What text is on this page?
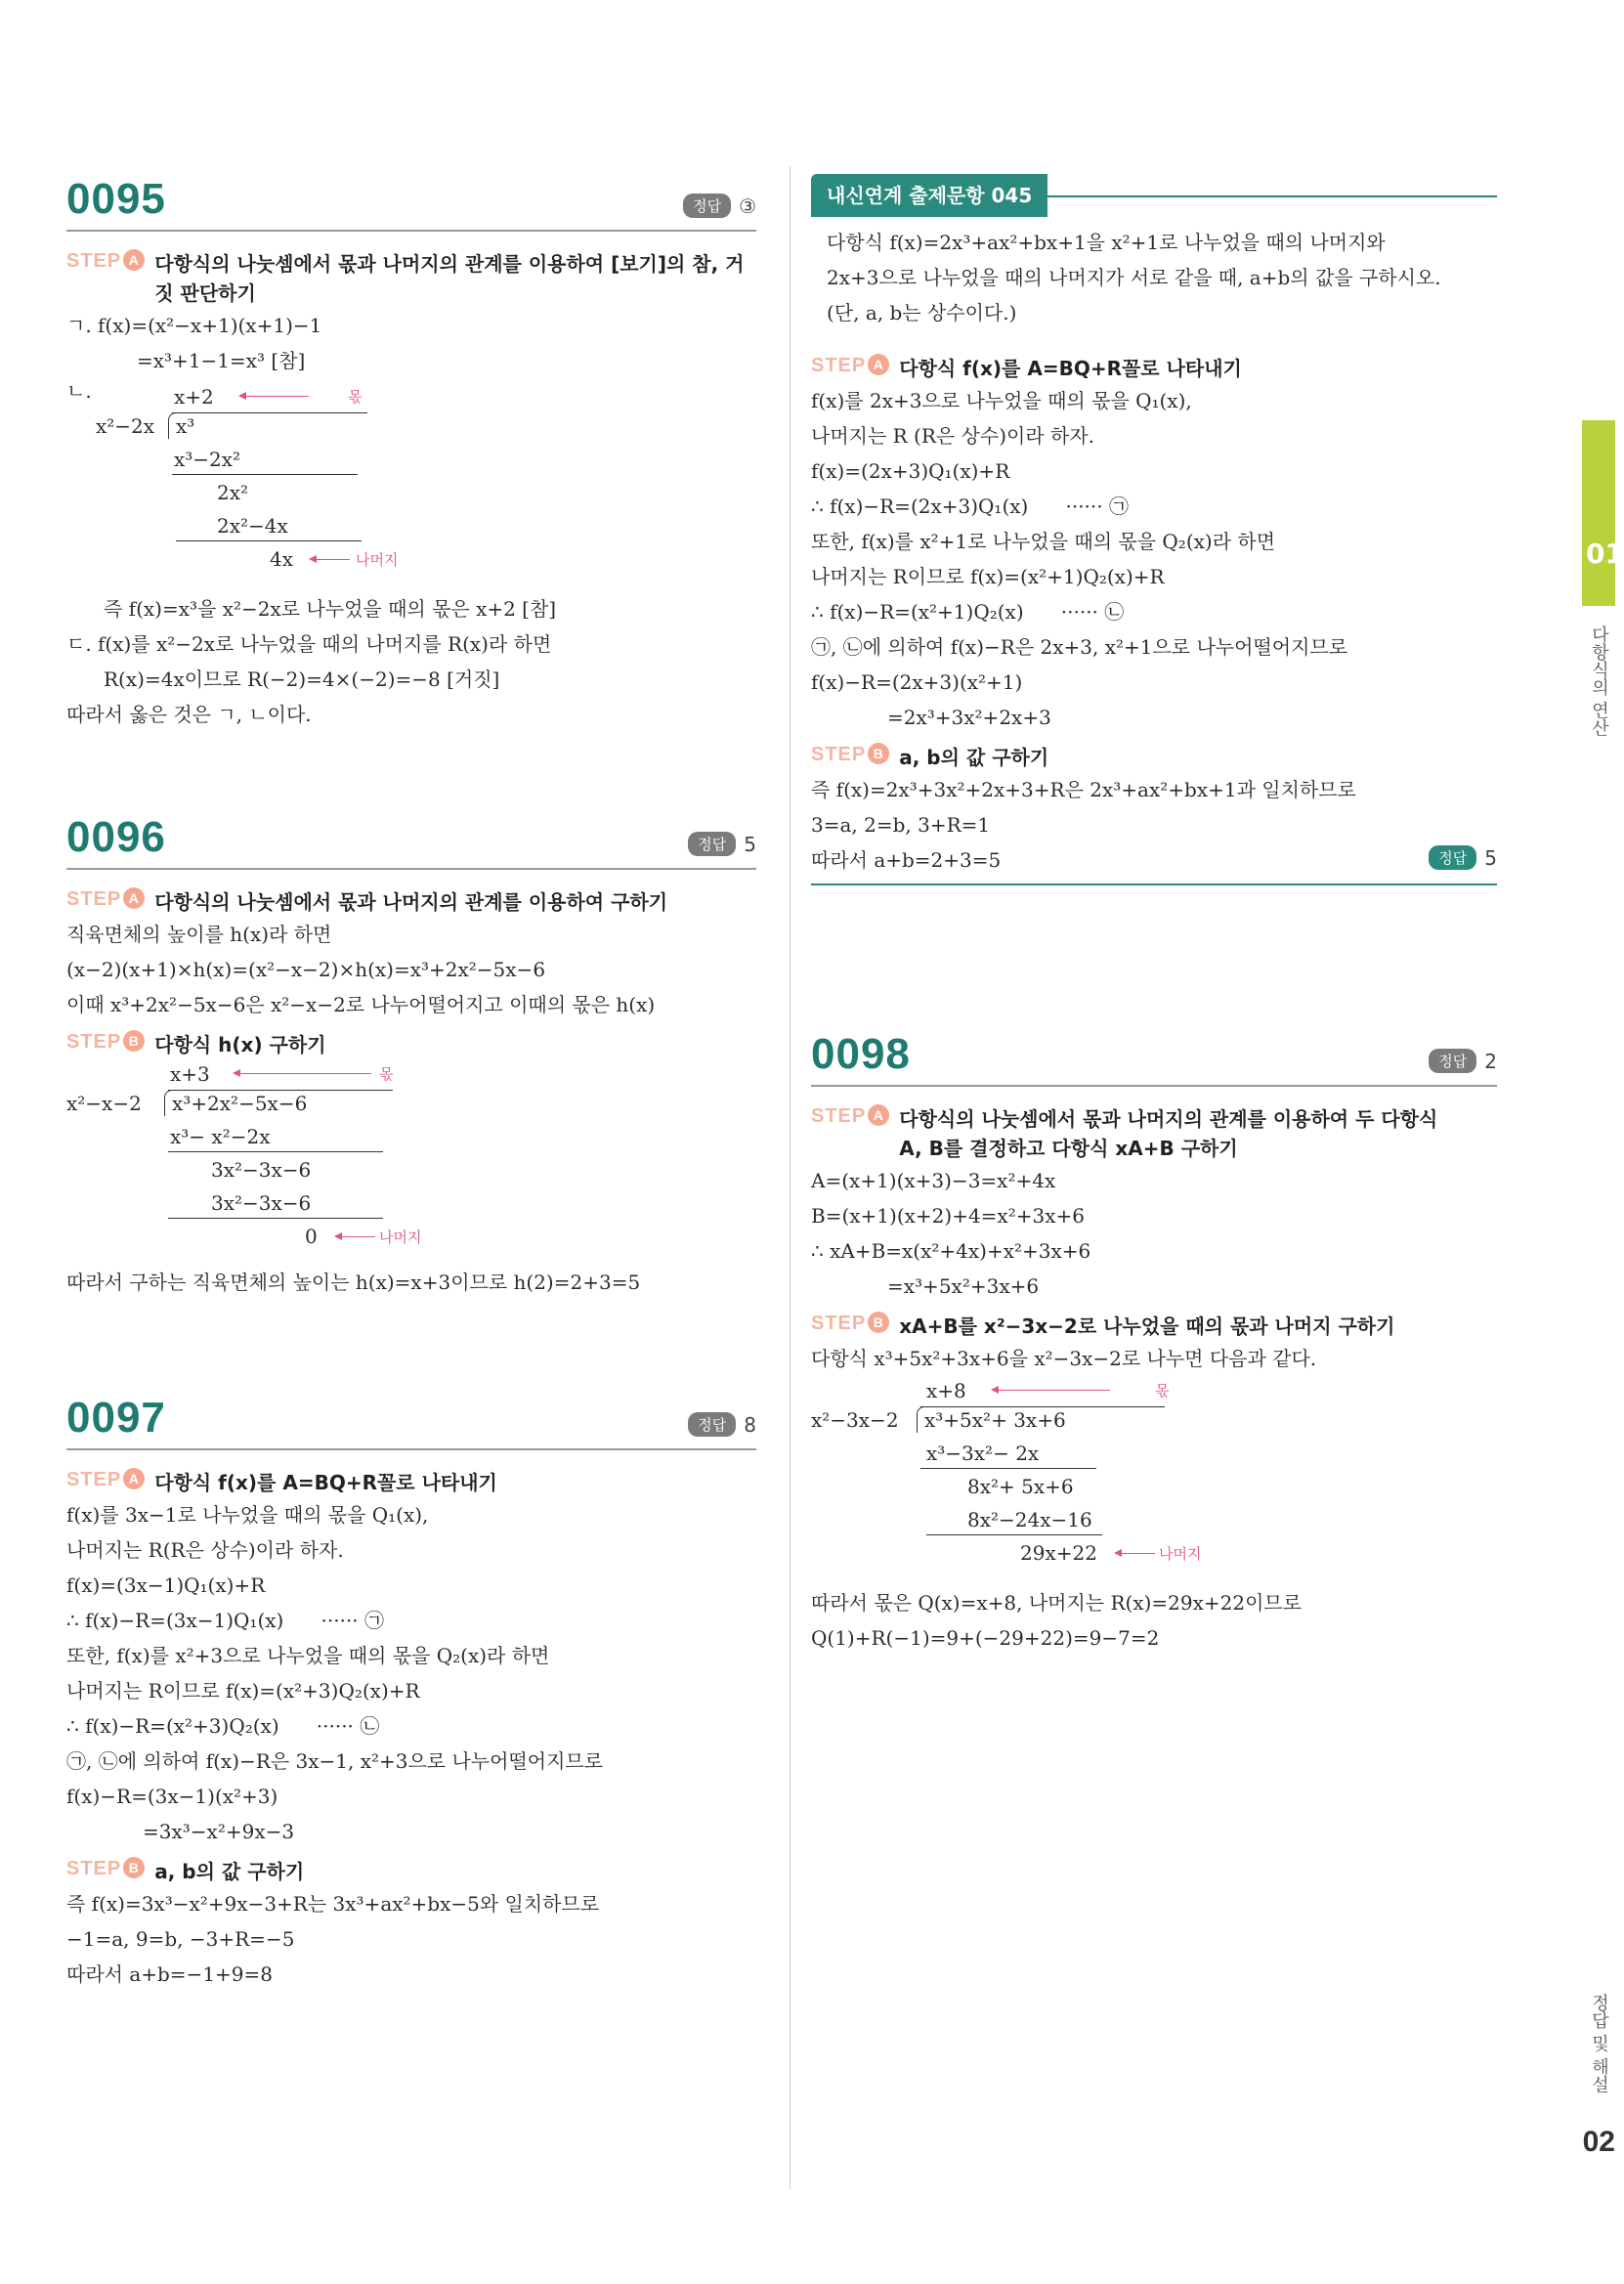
0095	정답 ③
STEP A 다항식의 나눗셈에서 몫과 나머지의 관계를 이용하여 [보기]의 참, 거짓 판단하기
ㄱ. f(x)=(x²−x+1)(x+1)−1
=x³+1−1=x³ [참]
ㄴ.	x+2	몫
x²−2x x³
x³−2x²
2x²
2x²−4x
4x	나머지
즉 f(x)=x³을 x²−2x로 나누었을 때의 몫은 x+2 [참]
ㄷ. f(x)를 x²−2x로 나누었을 때의 나머지를 R(x)라 하면
R(x)=4x이므로 R(−2)=4×(−2)=−8 [거짓]
따라서 옳은 것은 ㄱ, ㄴ이다.
0096	정답 5
STEP A 다항식의 나눗셈에서 몫과 나머지의 관계를 이용하여 구하기
직육면체의 높이를 h(x)라 하면
(x−2)(x+1)×h(x)=(x²−x−2)×h(x)=x³+2x²−5x−6
이때 x³+2x²−5x−6은 x²−x−2로 나누어떨어지고 이때의 몫은 h(x)
STEP B 다항식 h(x) 구하기
x+3	몫
x²−x−2 x³+2x²−5x−6
x³− x²−2x
3x²−3x−6
3x²−3x−6
0	나머지
따라서 구하는 직육면체의 높이는 h(x)=x+3이므로 h(2)=2+3=5
0097	정답 8
STEP A 다항식 f(x)를 A=BQ+R꼴로 나타내기
f(x)를 3x−1로 나누었을 때의 몫을 Q₁(x),
나머지는 R(R은 상수)이라 하자.
f(x)=(3x−1)Q₁(x)+R
∴ f(x)−R=(3x−1)Q₁(x)      ······ ㉠
또한, f(x)를 x²+3으로 나누었을 때의 몫을 Q₂(x)라 하면
나머지는 R이므로 f(x)=(x²+3)Q₂(x)+R
∴ f(x)−R=(x²+3)Q₂(x)      ······ ㉡
㉠, ㉡에 의하여 f(x)−R은 3x−1, x²+3으로 나누어떨어지므로
f(x)−R=(3x−1)(x²+3)
=3x³−x²+9x−3
STEP B a, b의 값 구하기
즉 f(x)=3x³−x²+9x−3+R는 3x³+ax²+bx−5와 일치하므로
−1=a, 9=b, −3+R=−5
따라서 a+b=−1+9=8
내신연계 출제문항 045
다항식 f(x)=2x³+ax²+bx+1을 x²+1로 나누었을 때의 나머지와
2x+3으로 나누었을 때의 나머지가 서로 같을 때, a+b의 값을 구하시오.
(단, a, b는 상수이다.)
STEP A 다항식 f(x)를 A=BQ+R꼴로 나타내기
f(x)를 2x+3으로 나누었을 때의 몫을 Q₁(x),
나머지는 R (R은 상수)이라 하자.
f(x)=(2x+3)Q₁(x)+R
∴ f(x)−R=(2x+3)Q₁(x)      ······ ㉠
또한, f(x)를 x²+1로 나누었을 때의 몫을 Q₂(x)라 하면
나머지는 R이므로 f(x)=(x²+1)Q₂(x)+R
∴ f(x)−R=(x²+1)Q₂(x)      ······ ㉡
㉠, ㉡에 의하여 f(x)−R은 2x+3, x²+1으로 나누어떨어지므로
f(x)−R=(2x+3)(x²+1)
=2x³+3x²+2x+3
STEP B a, b의 값 구하기
즉 f(x)=2x³+3x²+2x+3+R은 2x³+ax²+bx+1과 일치하므로
3=a, 2=b, 3+R=1
따라서 a+b=2+3=5	정답 5
0098	정답 2
STEP A 다항식의 나눗셈에서 몫과 나머지의 관계를 이용하여 두 다항식 A, B를 결정하고 다항식 xA+B 구하기
A=(x+1)(x+3)−3=x²+4x
B=(x+1)(x+2)+4=x²+3x+6
∴ xA+B=x(x²+4x)+x²+3x+6
=x³+5x²+3x+6
STEP B xA+B를 x²−3x−2로 나누었을 때의 몫과 나머지 구하기
다항식 x³+5x²+3x+6을 x²−3x−2로 나누면 다음과 같다.
x+8	몫
x²−3x−2 x³+5x²+ 3x+6
x³−3x²− 2x
8x²+ 5x+6
8x²−24x−16
29x+22	나머지
따라서 몫은 Q(x)=x+8, 나머지는 R(x)=29x+22이므로
Q(1)+R(−1)=9+(−29+22)=9−7=2
01
다항식의 연산
정답 및 해설
02
